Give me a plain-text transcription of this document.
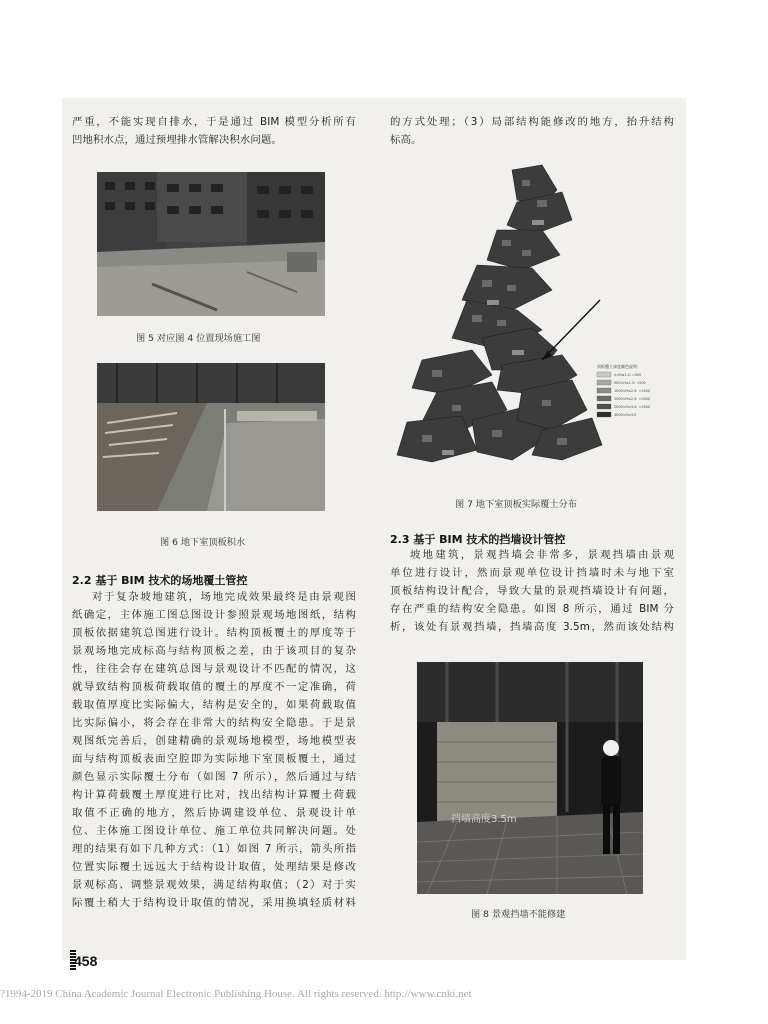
严重，不能实现自排水，于是通过 BIM 模型分析所有

凹地积水点，通过预埋排水管解决积水问题。

图 5 对应图 4 位置现场施工图

图 6 地下室顶板积水

2.2 基于 BIM 技术的场地覆土管控

对于复杂坡地建筑，场地完成效果最终是由景观图

纸确定，主体施工图总图设计参照景观场地图纸，结构

顶板依据建筑总图进行设计。结构顶板覆土的厚度等于

景观场地完成标高与结构顶板之差，由于该项目的复杂

性，往往会存在建筑总图与景观设计不匹配的情况，这

就导致结构顶板荷载取值的覆土的厚度不一定准确，荷

载取值厚度比实际偏大，结构是安全的，如果荷载取值

比实际偏小，将会存在非常大的结构安全隐患。于是景

观图纸完善后，创建精确的景观场地模型，场地模型表

面与结构顶板表面空腔即为实际地下室顶板覆土，通过

颜色显示实际覆土分布（如图 7 所示），然后通过与结

构计算荷载覆土厚度进行比对，找出结构计算覆土荷载

取值不正确的地方，然后协调建设单位、景观设计单

位、主体施工图设计单位、施工单位共同解决问题。处

理的结果有如下几种方式：（1）如图 7 所示，箭头所指

位置实际覆土远远大于结构设计取值，处理结果是修改

景观标高、调整景观效果，满足结构取值；（2）对于实

际覆土稍大于结构设计取值的情况，采用换填轻质材料

的方式处理；（3）局部结构能修改的地方，抬升结构

标高。

顶板覆土深度颜色说明：
0<H≤1.0: =500
500<H≤1.5: =500
1000<H≤2.0: =1500
1500<H≤2.5: =2000
2000<H≤3.0: =2500
3000<H≤3.5

图 7 地下室顶板实际覆土分布

2.3 基于 BIM 技术的挡墙设计管控

坡地建筑，景观挡墙会非常多，景观挡墙由景观

单位进行设计，然而景观单位设计挡墙时未与地下室

顶板结构设计配合，导致大量的景观挡墙设计有问题，

存在严重的结构安全隐患。如图 8 所示，通过 BIM 分

析，该处有景观挡墙，挡墙高度 3.5m，然而该处结构

挡墙高度3.5m

图 8 景观挡墙不能修建

458
?1994-2019 China Academic Journal Electronic Publishing House. All rights reserved. http://www.cnki.net
